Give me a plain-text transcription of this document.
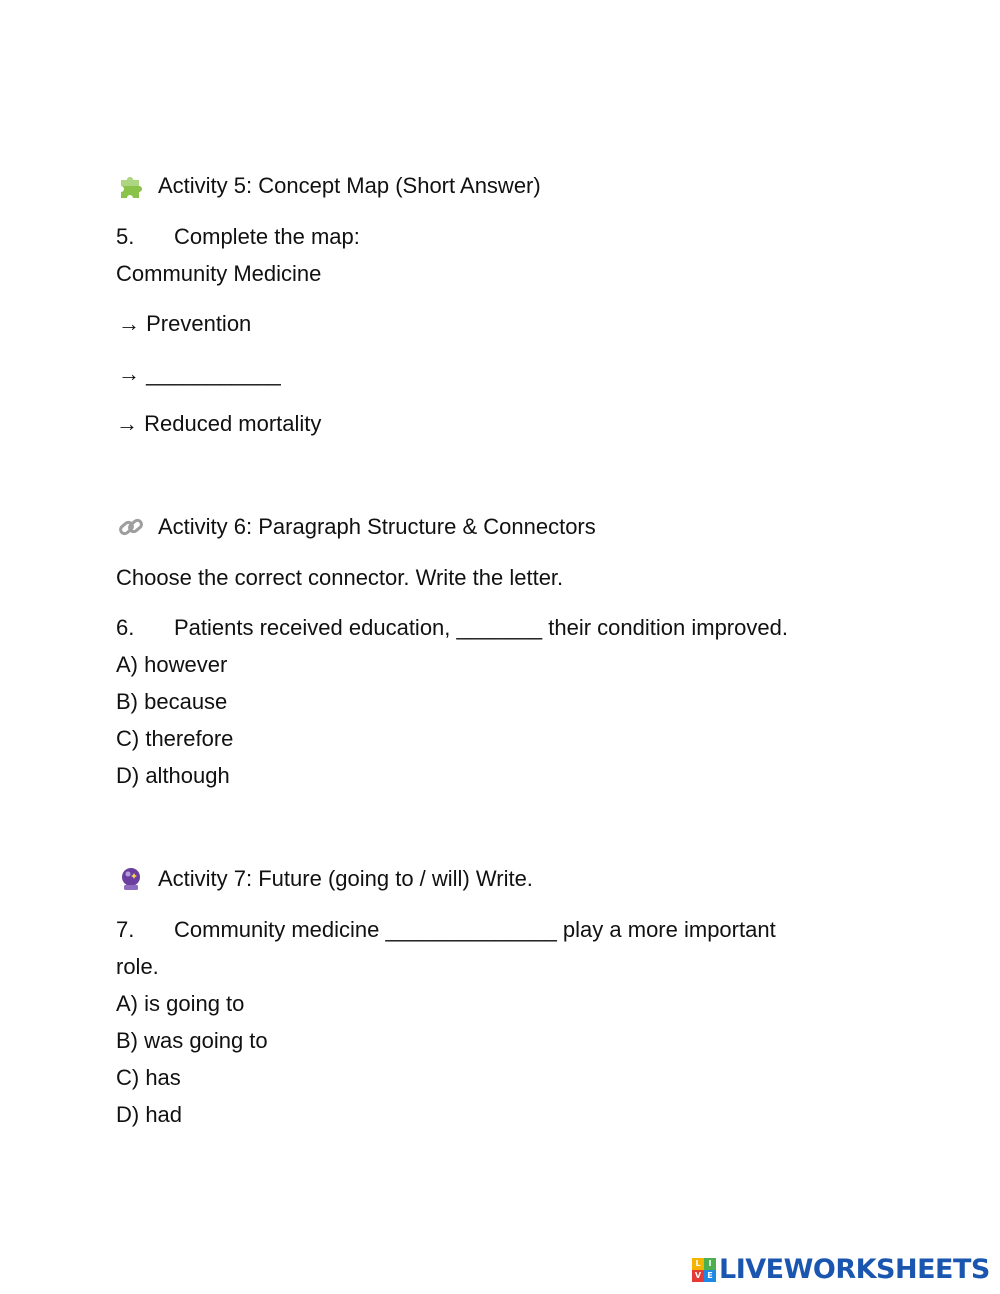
Activity 5: Concept Map (Short Answer)
5. Complete the map:
Community Medicine
→ Prevention
→ ___________
→ Reduced mortality
Activity 6: Paragraph Structure & Connectors
Choose the correct connector. Write the letter.
6. Patients received education, _______ their condition improved.
A) however
B) because
C) therefore
D) although
Activity 7: Future (going to / will) Write.
7. Community medicine ______________ play a more important
role.
A) is going to
B) was going to
C) has
D) had
L I
V E LIVEWORKSHEETS
